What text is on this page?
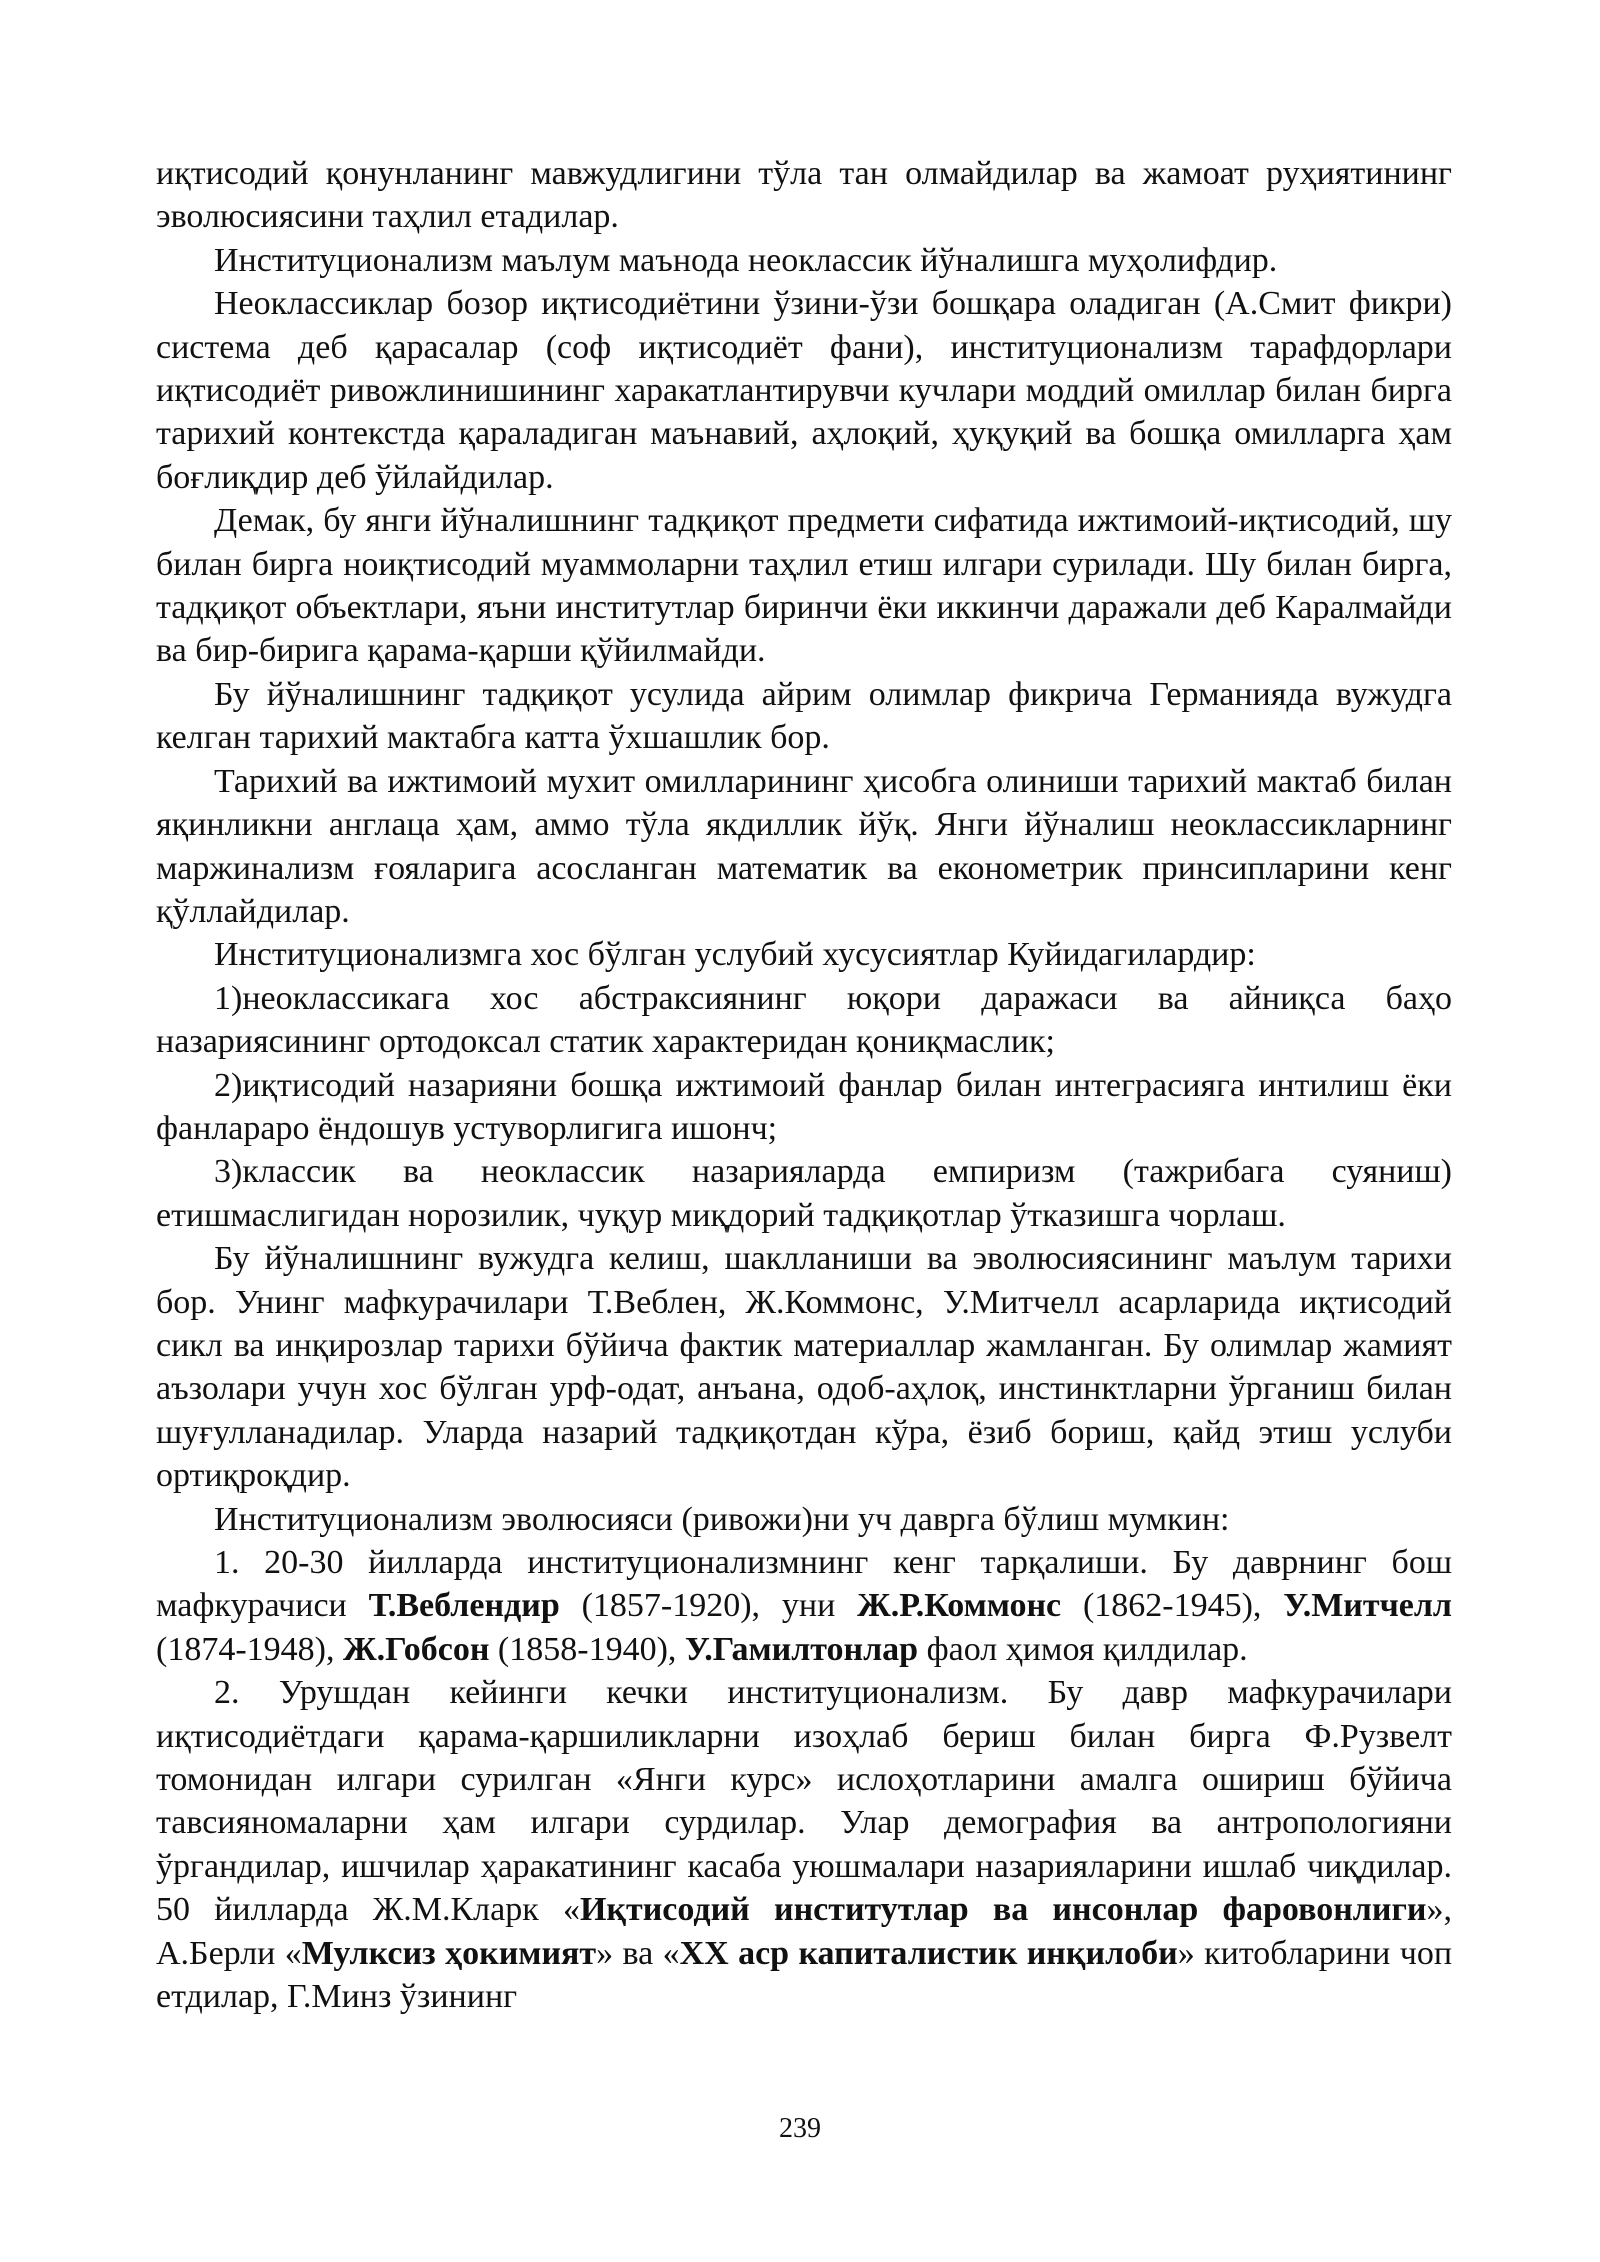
иқтисодий қонунланинг мавжудлигини тўла тан олмайдилар ва жамоат руҳиятининг эволюсиясини таҳлил етадилар.

Институционализм маълум маънода неоклассик йўналишга муҳолифдир.

Неоклассиклар бозор иқтисодиётини ўзини-ўзи бошқара оладиган (А.Смит фикри) система деб қарасалар (соф иқтисодиёт фани), институционализм тарафдорлари иқтисодиёт ривожлинишининг харакатлантирувчи кучлари моддий омиллар билан бирга тарихий контекстда қараладиган маънавий, аҳлоқий, ҳуқуқий ва бошқа омилларга ҳам боғлиқдир деб ўйлайдилар.

Демак, бу янги йўналишнинг тадқиқот предмети сифатида ижтимоий-иқтисодий, шу билан бирга ноиқтисодий муаммоларни таҳлил етиш илгари сурилади. Шу билан бирга, тадқиқот объектлари, яъни институтлар биринчи ёки иккинчи даражали деб Каралмайди ва бир-бирига қарама-қарши қўйилмайди.

Бу йўналишнинг тадқиқот усулида айрим олимлар фикрича Германияда вужудга келган тарихий мактабга катта ўхшашлик бор.

Тарихий ва ижтимоий мухит омилларининг ҳисобга олиниши тарихий мактаб билан яқинликни англаца ҳам, аммо тўла якдиллик йўқ. Янги йўналиш неоклассикларнинг маржинализм ғояларига асосланган математик ва економетрик принсипларини кенг қўллайдилар.

Институционализмга хос бўлган услубий хусусиятлар Куйидагилардир:

1)неоклассикага хос абстраксиянинг юқори даражаси ва айниқса баҳо назариясининг ортодоксал статик характеридан қониқмаслик;

2)иқтисодий назарияни бошқа ижтимоий фанлар билан интеграсияга интилиш ёки фанлараро ёндошув устуворлигига ишонч;

3)классик ва неоклассик назарияларда емпиризм (тажрибага суяниш) етишмаслигидан норозилик, чуқур миқдорий тадқиқотлар ўтказишга чорлаш.

Бу йўналишнинг вужудга келиш, шаклланиши ва эволюсиясининг маълум тарихи бор. Унинг мафкурачилари Т.Веблен, Ж.Коммонс, У.Митчелл асарларида иқтисодий сикл ва инқирозлар тарихи бўйича фактик материаллар жамланган. Бу олимлар жамият аъзолари учун хос бўлган урф-одат, анъана, одоб-аҳлоқ, инстинктларни ўрганиш билан шуғулланадилар. Уларда назарий тадқиқотдан кўра, ёзиб бориш, қайд этиш услуби ортиқроқдир.

Институционализм эволюсияси (ривожи)ни уч даврга бўлиш мумкин:

1. 20-30 йилларда институционализмнинг кенг тарқалиши. Бу даврнинг бош мафкурачиси Т.Веблендир (1857-1920), уни Ж.Р.Коммонс (1862-1945), У.Митчелл (1874-1948), Ж.Гобсон (1858-1940), У.Гамилтонлар фаол ҳимоя қилдилар.

2. Урушдан кейинги кечки институционализм. Бу давр мафкурачилари иқтисодиётдаги қарама-қаршиликларни изоҳлаб бериш билан бирга Ф.Рузвелт томонидан илгари сурилган «Янги курс» ислоҳотларини амалга ошириш бўйича тавсияномаларни ҳам илгари сурдилар. Улар демография ва антропологияни ўргандилар, ишчилар ҳаракатининг касаба уюшмалари назарияларини ишлаб чиқдилар. 50 йилларда Ж.М.Кларк «Иқтисодий институтлар ва инсонлар фаровонлиги», А.Берли «Мулксиз ҳокимият» ва «XX аср капиталистик инқилоби» китобларини чоп етдилар, Г.Минз ўзининг

239
